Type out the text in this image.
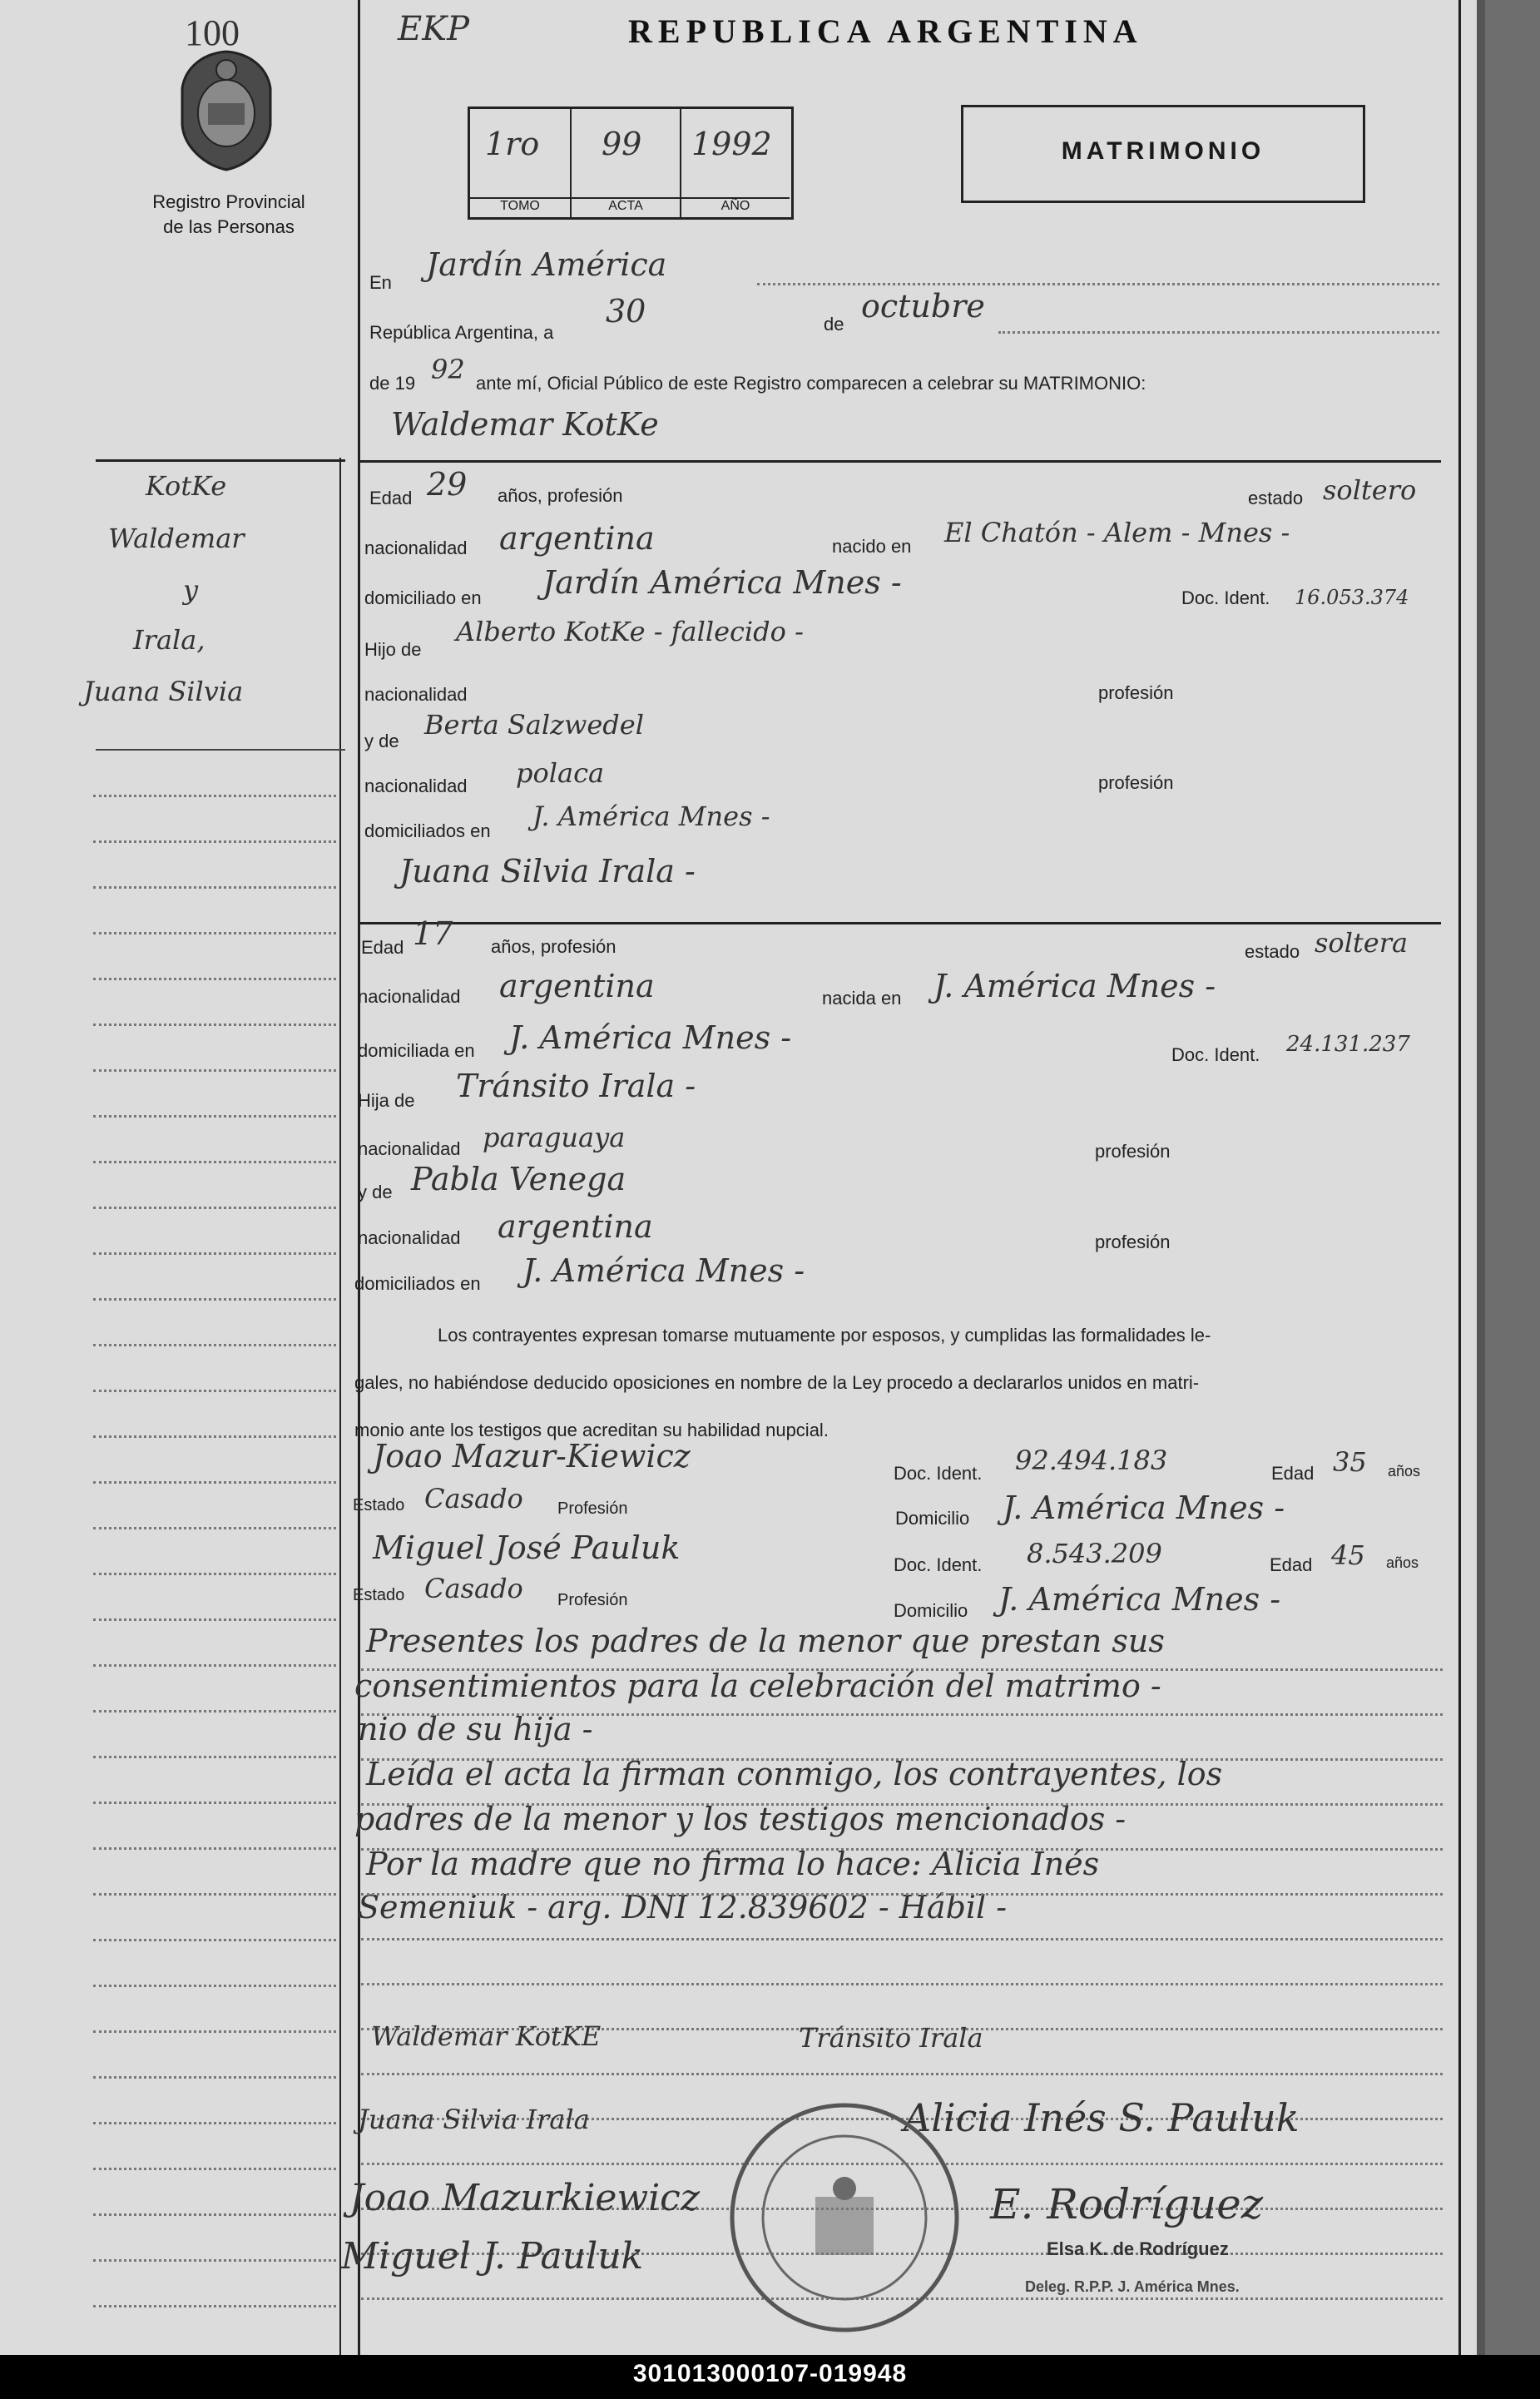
100
Registro Provincial
de las Personas
EKP	REPUBLICA ARGENTINA
1ro
TOMO
99
ACTA
1992
AÑO
MATRIMONIO
KotKe
Waldemar
y
Irala,
Juana Silvia
En Jardín América
República Argentina, a
30	de octubre
de 19 92 ante mí, Oficial Público de este Registro comparecen a celebrar su MATRIMONIO:
Waldemar KotKe
Edad 29 años, profesión	estado soltero
nacionalidad argentina	nacido en El Chatón - Alem - Mnes -
domiciliado en Jardín América Mnes -	Doc. Ident. 16.053.374
Hijo de
Alberto KotKe - fallecido -
nacionalidad	profesión
y de
Berta Salzwedel
nacionalidad polaca	profesión
domiciliados en J. América Mnes -
Juana Silvia Irala -
Edad 17 años, profesión	estado soltera
nacionalidad argentina	nacida en J. América Mnes -
domiciliada en J. América Mnes -	Doc. Ident. 24.131.237
Hija de Tránsito Irala -
nacionalidad paraguaya	profesión
y de Pabla Venega
nacionalidad argentina	profesión
domiciliados en J. América Mnes -
Los contrayentes expresan tomarse mutuamente por esposos, y cumplidas las formalidades le-
gales, no habiéndose deducido oposiciones en nombre de la Ley procedo a declararlos unidos en matri-
monio ante los testigos que acreditan su habilidad nupcial.
Joao Mazur-Kiewicz	Doc. Ident. 92.494.183	Edad 35 años
Estado Casado Profesión	Domicilio J. América Mnes -
Miguel José Pauluk	Doc. Ident. 8.543.209	Edad 45 años
Estado Casado Profesión	Domicilio J. América Mnes -
Presentes los padres de la menor que prestan sus
consentimientos para la celebración del matrimo -
nio de su hija -
Leída el acta la firman conmigo, los contrayentes, los
padres de la menor y los testigos mencionados -
Por la madre que no firma lo hace: Alicia Inés
Semeniuk - arg. DNI 12.839602 - Hábil -
Waldemar KotKE	Tránsito Irala
Juana Silvia Irala	Alicia Inés S. Pauluk
Joao Mazurkiewicz
Miguel J. Pauluk
E. Rodríguez
Elsa K. de Rodríguez
Deleg. R.P.P. J. América Mnes.
301013000107-019948
